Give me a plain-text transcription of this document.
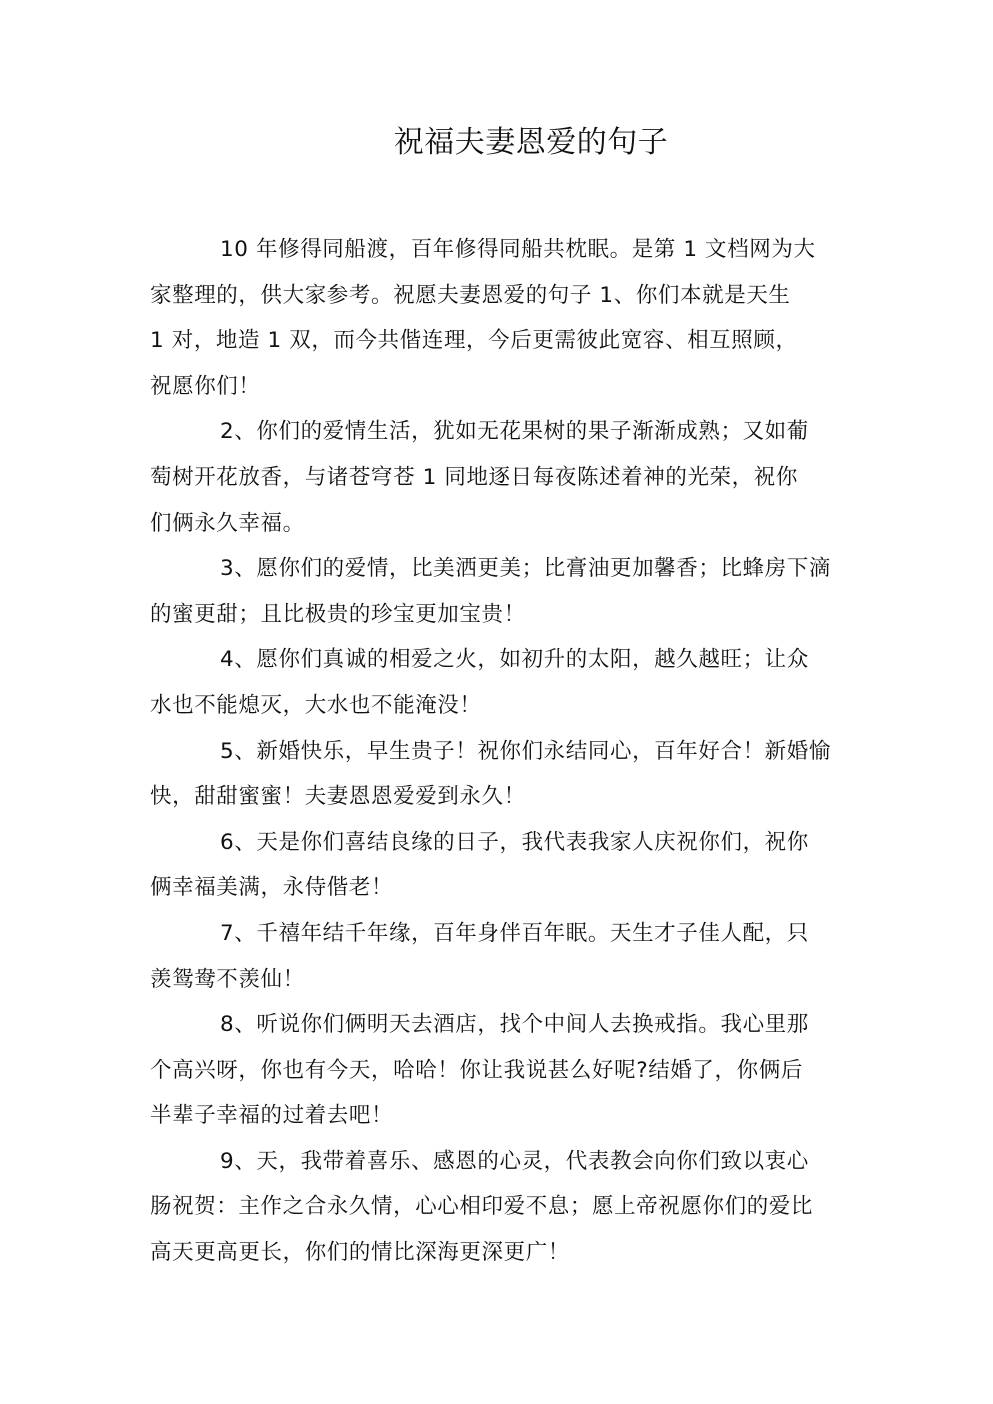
祝福夫妻恩爱的句子
10 年修得同船渡，百年修得同船共枕眠。是第 1 文档网为大
家整理的，供大家参考。祝愿夫妻恩爱的句子 1、你们本就是天生
1 对，地造 1 双，而今共偕连理，今后更需彼此宽容、相互照顾，
祝愿你们！
2、你们的爱情生活，犹如无花果树的果子渐渐成熟；又如葡
萄树开花放香，与诸苍穹苍 1 同地逐日每夜陈述着神的光荣，祝你
们俩永久幸福。
3、愿你们的爱情，比美洒更美；比膏油更加馨香；比蜂房下滴
的蜜更甜；且比极贵的珍宝更加宝贵！
4、愿你们真诚的相爱之火，如初升的太阳，越久越旺；让众
水也不能熄灭，大水也不能淹没！
5、新婚快乐，早生贵子！祝你们永结同心，百年好合！新婚愉
快，甜甜蜜蜜！夫妻恩恩爱爱到永久！
6、天是你们喜结良缘的日子，我代表我家人庆祝你们，祝你
俩幸福美满，永侍偕老！
7、千禧年结千年缘，百年身伴百年眠。天生才子佳人配，只
羡鸳鸯不羡仙！
8、听说你们俩明天去酒店，找个中间人去换戒指。我心里那
个高兴呀，你也有今天，哈哈！你让我说甚么好呢?结婚了，你俩后
半辈子幸福的过着去吧！
9、天，我带着喜乐、感恩的心灵，代表教会向你们致以衷心
肠祝贺：主作之合永久情，心心相印爱不息；愿上帝祝愿你们的爱比
高天更高更长，你们的情比深海更深更广！
